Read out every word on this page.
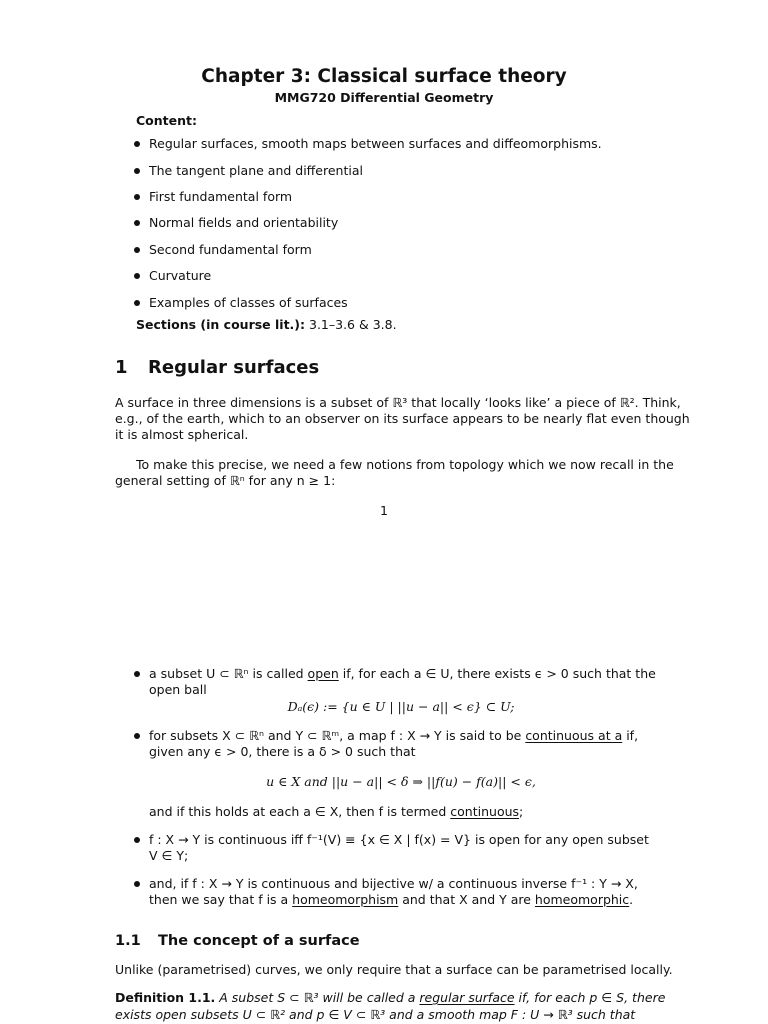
Chapter 3: Classical surface theory
MMG720 Differential Geometry
Content:
Regular surfaces, smooth maps between surfaces and diffeomorphisms.
The tangent plane and differential
First fundamental form
Normal fields and orientability
Second fundamental form
Curvature
Examples of classes of surfaces
Sections (in course lit.): 3.1–3.6 & 3.8.
1 Regular surfaces
A surface in three dimensions is a subset of ℝ³ that locally ‘looks like’ a piece of ℝ². Think,
e.g., of the earth, which to an observer on its surface appears to be nearly flat even though
it is almost spherical.
To make this precise, we need a few notions from topology which we now recall in the
general setting of ℝⁿ for any n ≥ 1:
1
a subset U ⊂ ℝⁿ is called open if, for each a ∈ U, there exists ϵ > 0 such that the
open ball
Dₐ(ϵ) := {u ∈ U | ||u − a|| < ϵ} ⊂ U;
for subsets X ⊂ ℝⁿ and Y ⊂ ℝᵐ, a map f : X → Y is said to be continuous at a if,
given any ϵ > 0, there is a δ > 0 such that
u ∈ X and ||u − a|| < δ ⇒ ||f(u) − f(a)|| < ϵ,
and if this holds at each a ∈ X, then f is termed continuous;
f : X → Y is continuous iff f⁻¹(V) ≡ {x ∈ X | f(x) = V} is open for any open subset
V ∈ Y;
and, if f : X → Y is continuous and bijective w/ a continuous inverse f⁻¹ : Y → X,
then we say that f is a homeomorphism and that X and Y are homeomorphic.
1.1 The concept of a surface
Unlike (parametrised) curves, we only require that a surface can be parametrised locally.
Definition 1.1. A subset S ⊂ ℝ³ will be called a regular surface if, for each p ∈ S, there
exists open subsets U ⊂ ℝ² and p ∈ V ⊂ ℝ³ and a smooth map F : U → ℝ³ such that
